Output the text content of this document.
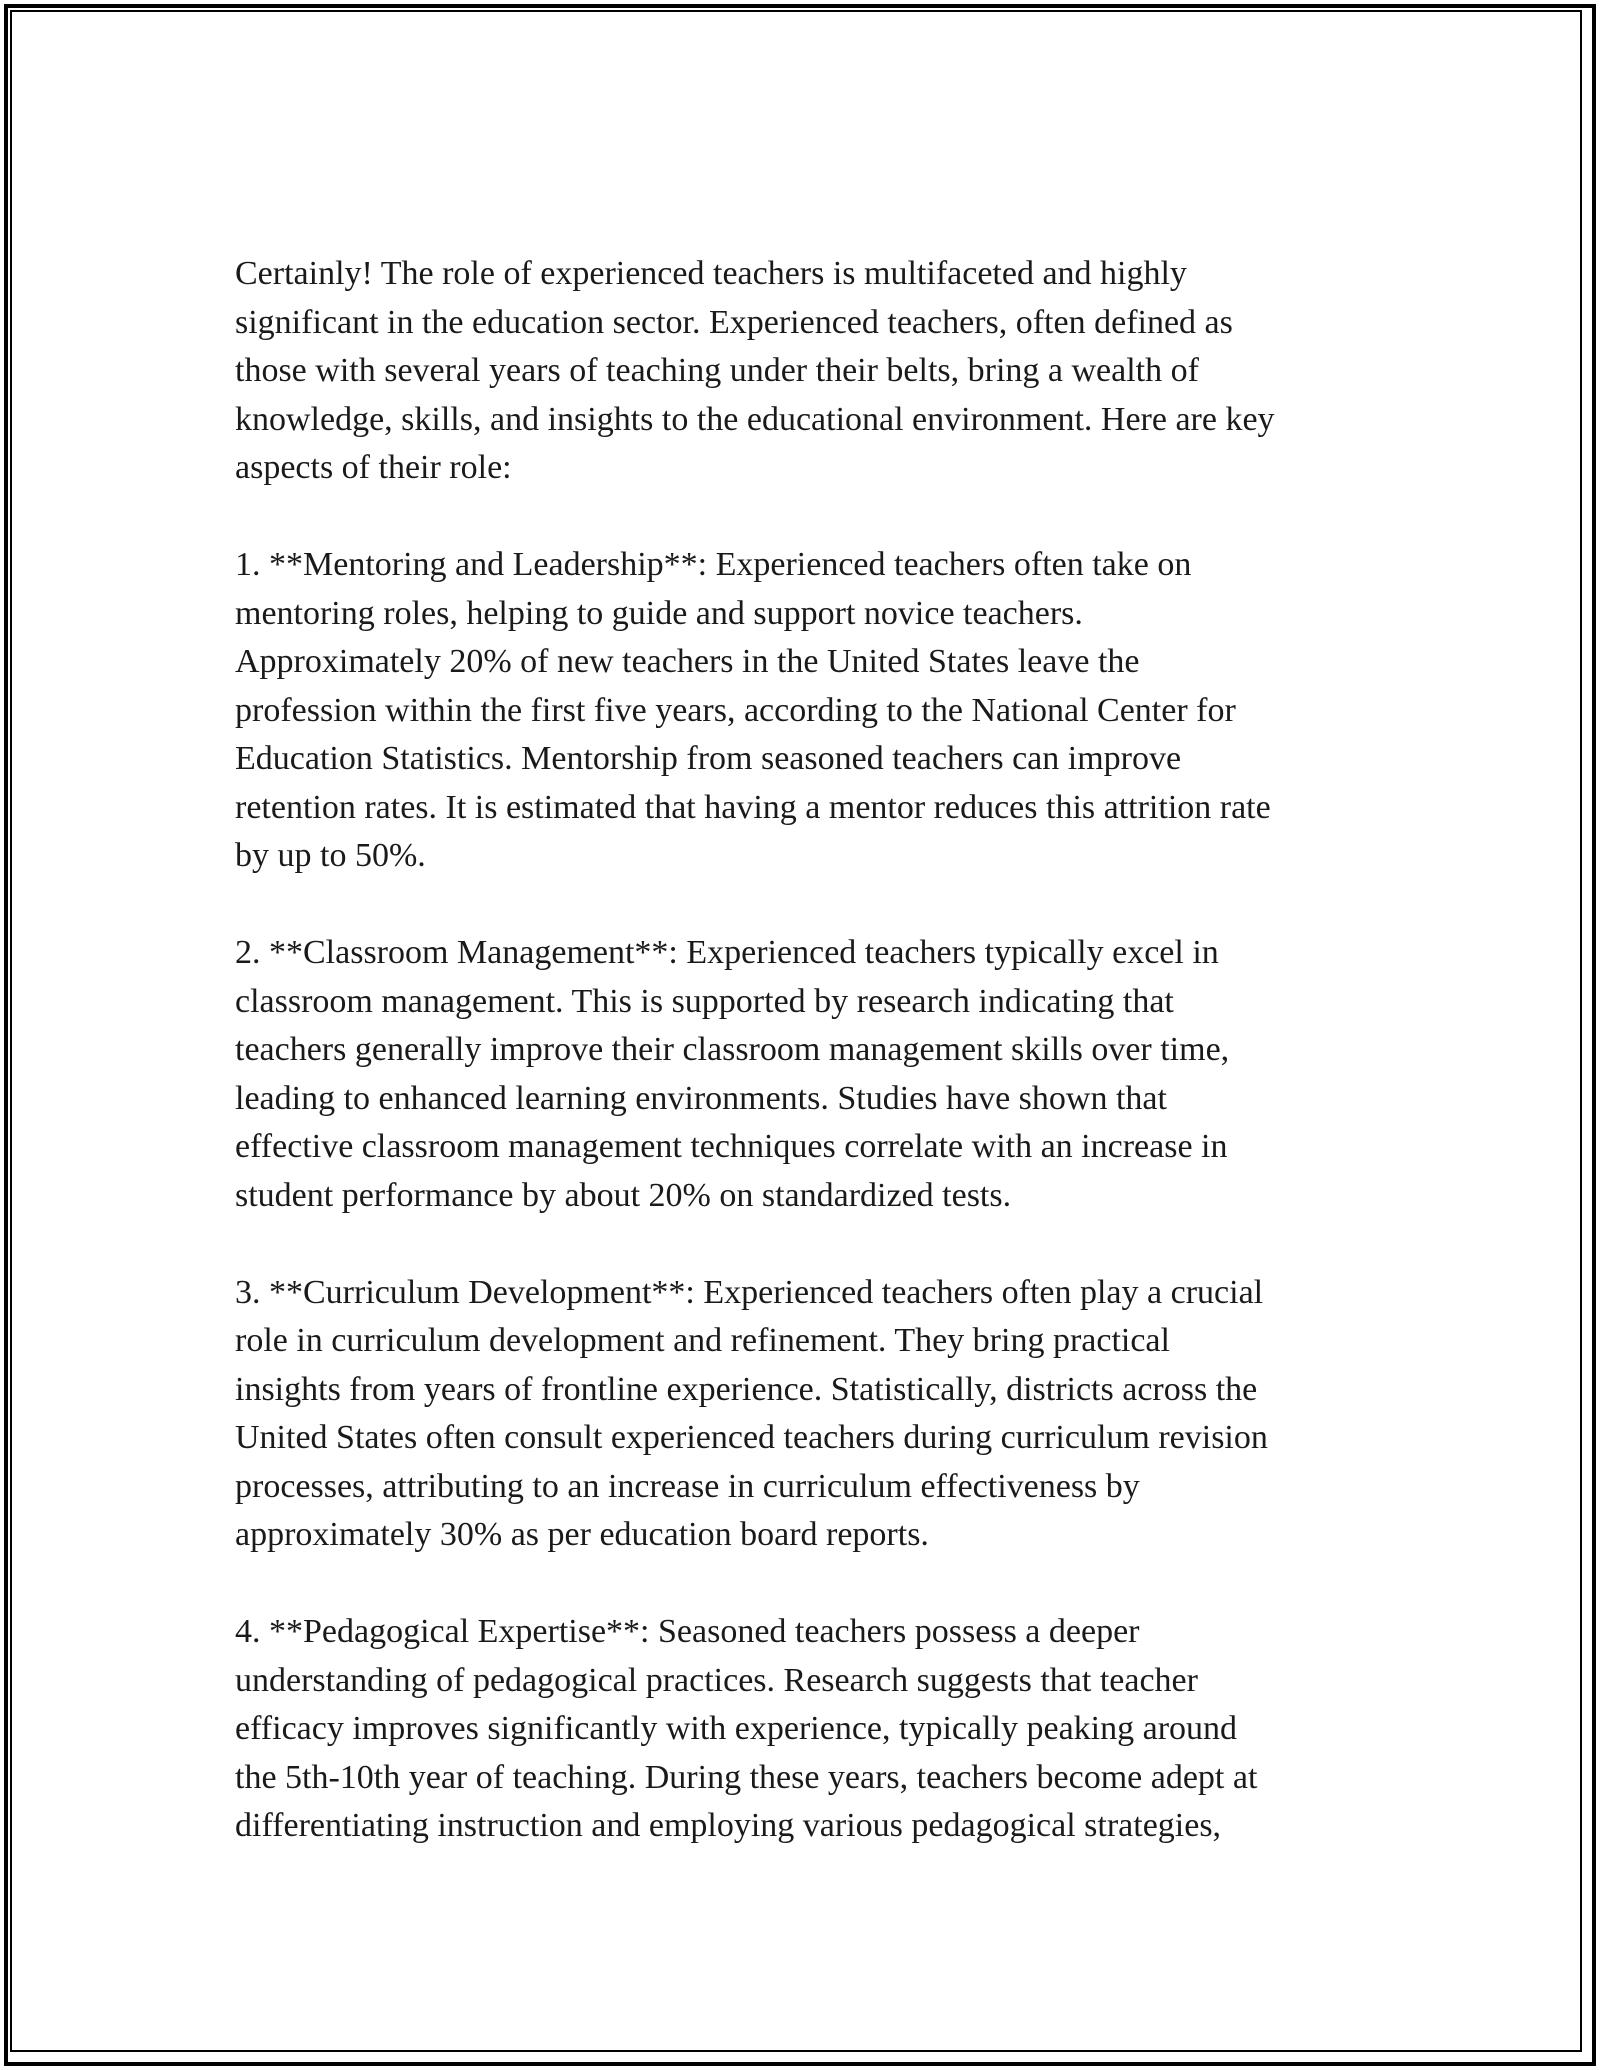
Certainly! The role of experienced teachers is multifaceted and highly
significant in the education sector. Experienced teachers, often defined as
those with several years of teaching under their belts, bring a wealth of
knowledge, skills, and insights to the educational environment. Here are key
aspects of their role:
1. **Mentoring and Leadership**: Experienced teachers often take on
mentoring roles, helping to guide and support novice teachers.
Approximately 20% of new teachers in the United States leave the
profession within the first five years, according to the National Center for
Education Statistics. Mentorship from seasoned teachers can improve
retention rates. It is estimated that having a mentor reduces this attrition rate
by up to 50%.
2. **Classroom Management**: Experienced teachers typically excel in
classroom management. This is supported by research indicating that
teachers generally improve their classroom management skills over time,
leading to enhanced learning environments. Studies have shown that
effective classroom management techniques correlate with an increase in
student performance by about 20% on standardized tests.
3. **Curriculum Development**: Experienced teachers often play a crucial
role in curriculum development and refinement. They bring practical
insights from years of frontline experience. Statistically, districts across the
United States often consult experienced teachers during curriculum revision
processes, attributing to an increase in curriculum effectiveness by
approximately 30% as per education board reports.
4. **Pedagogical Expertise**: Seasoned teachers possess a deeper
understanding of pedagogical practices. Research suggests that teacher
efficacy improves significantly with experience, typically peaking around
the 5th-10th year of teaching. During these years, teachers become adept at
differentiating instruction and employing various pedagogical strategies,
